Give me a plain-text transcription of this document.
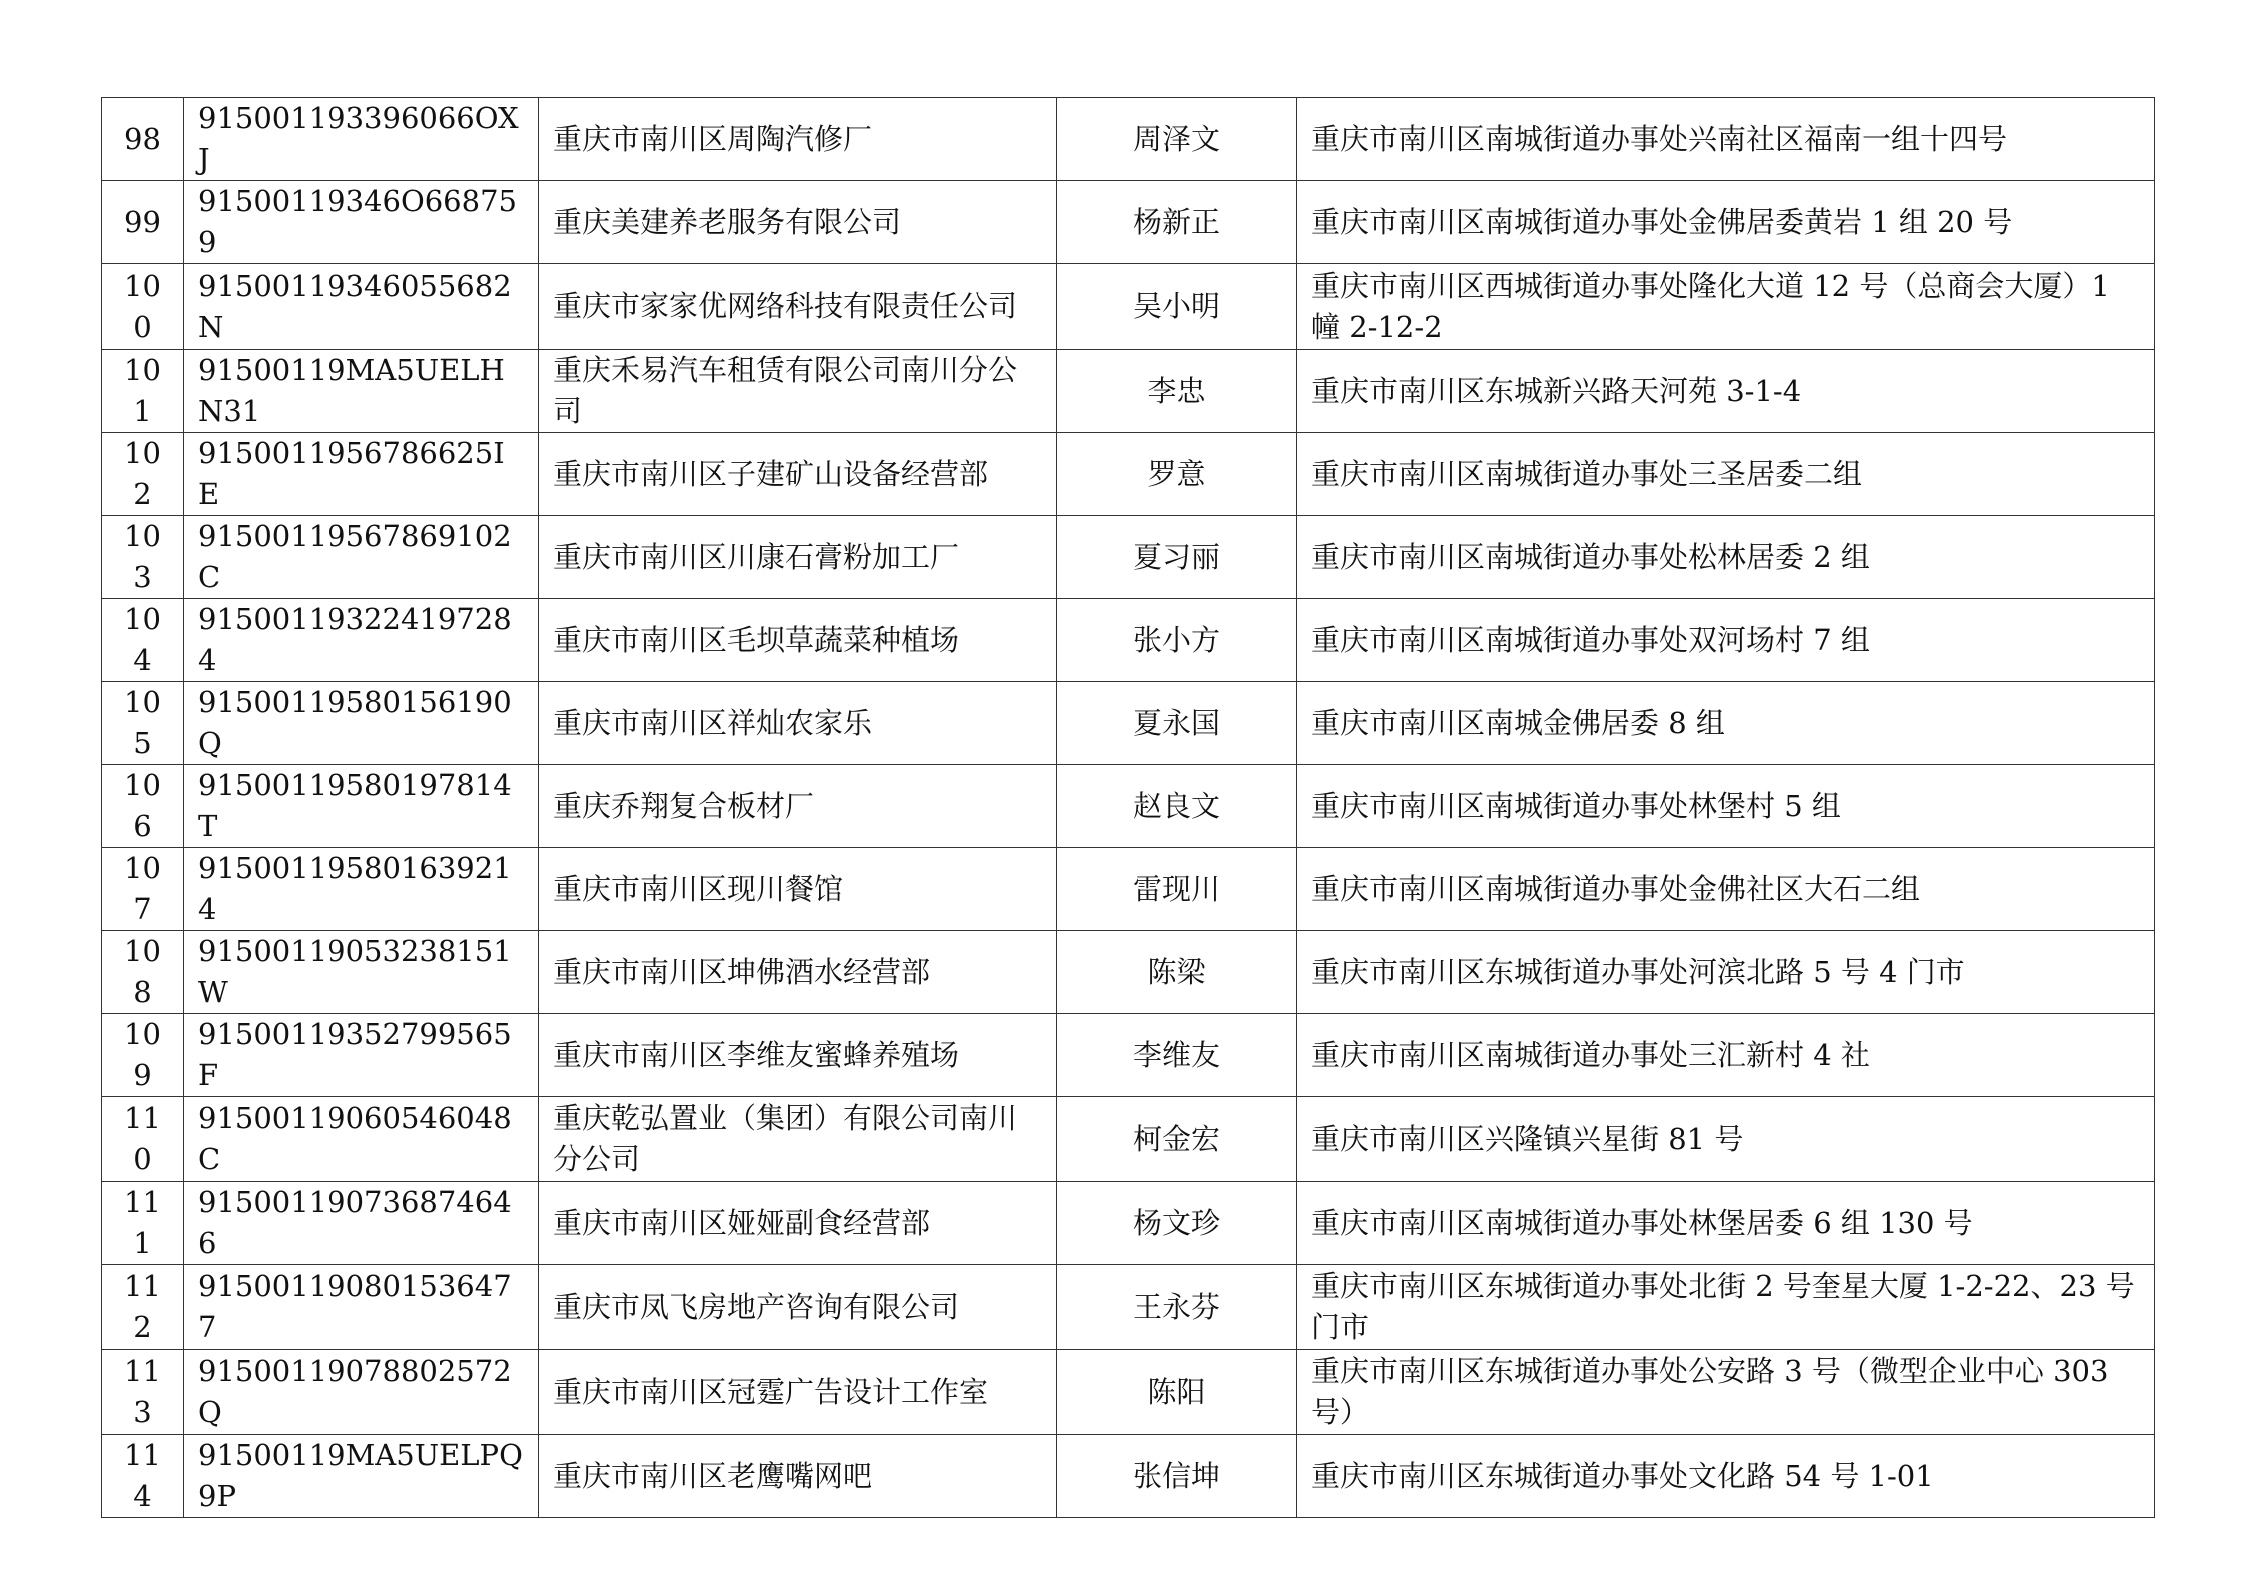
98	915001193396066OXJ	重庆市南川区周陶汽修厂	周泽文	重庆市南川区南城街道办事处兴南社区福南一组十四号
99	91500119346O668759	重庆美建养老服务有限公司	杨新正	重庆市南川区南城街道办事处金佛居委黄岩 1 组 20 号
100	91500119346055682N	重庆市家家优网络科技有限责任公司	吴小明	重庆市南川区西城街道办事处隆化大道 12 号（总商会大厦）1 幢 2-12-2
101	91500119MA5UELHN31	重庆禾易汽车租赁有限公司南川分公司	李忠	重庆市南川区东城新兴路天河苑 3-1-4
102	9150011956786625IE	重庆市南川区子建矿山设备经营部	罗意	重庆市南川区南城街道办事处三圣居委二组
103	91500119567869102C	重庆市南川区川康石膏粉加工厂	夏习丽	重庆市南川区南城街道办事处松林居委 2 组
104	915001193224197284	重庆市南川区毛坝草蔬菜种植场	张小方	重庆市南川区南城街道办事处双河场村 7 组
105	91500119580156190Q	重庆市南川区祥灿农家乐	夏永国	重庆市南川区南城金佛居委 8 组
106	91500119580197814T	重庆乔翔复合板材厂	赵良文	重庆市南川区南城街道办事处林堡村 5 组
107	915001195801639214	重庆市南川区现川餐馆	雷现川	重庆市南川区南城街道办事处金佛社区大石二组
108	91500119053238151W	重庆市南川区坤佛酒水经营部	陈梁	重庆市南川区东城街道办事处河滨北路 5 号 4 门市
109	91500119352799565F	重庆市南川区李维友蜜蜂养殖场	李维友	重庆市南川区南城街道办事处三汇新村 4 社
110	91500119060546048C	重庆乾弘置业（集团）有限公司南川分公司	柯金宏	重庆市南川区兴隆镇兴星街 81 号
111	915001190736874646	重庆市南川区娅娅副食经营部	杨文珍	重庆市南川区南城街道办事处林堡居委 6 组 130 号
112	915001190801536477	重庆市凤飞房地产咨询有限公司	王永芬	重庆市南川区东城街道办事处北街 2 号奎星大厦 1-2-22、23 号门市
113	91500119078802572Q	重庆市南川区冠霆广告设计工作室	陈阳	重庆市南川区东城街道办事处公安路 3 号（微型企业中心 303 号）
114	91500119MA5UELPQ9P	重庆市南川区老鹰嘴网吧	张信坤	重庆市南川区东城街道办事处文化路 54 号 1-01
